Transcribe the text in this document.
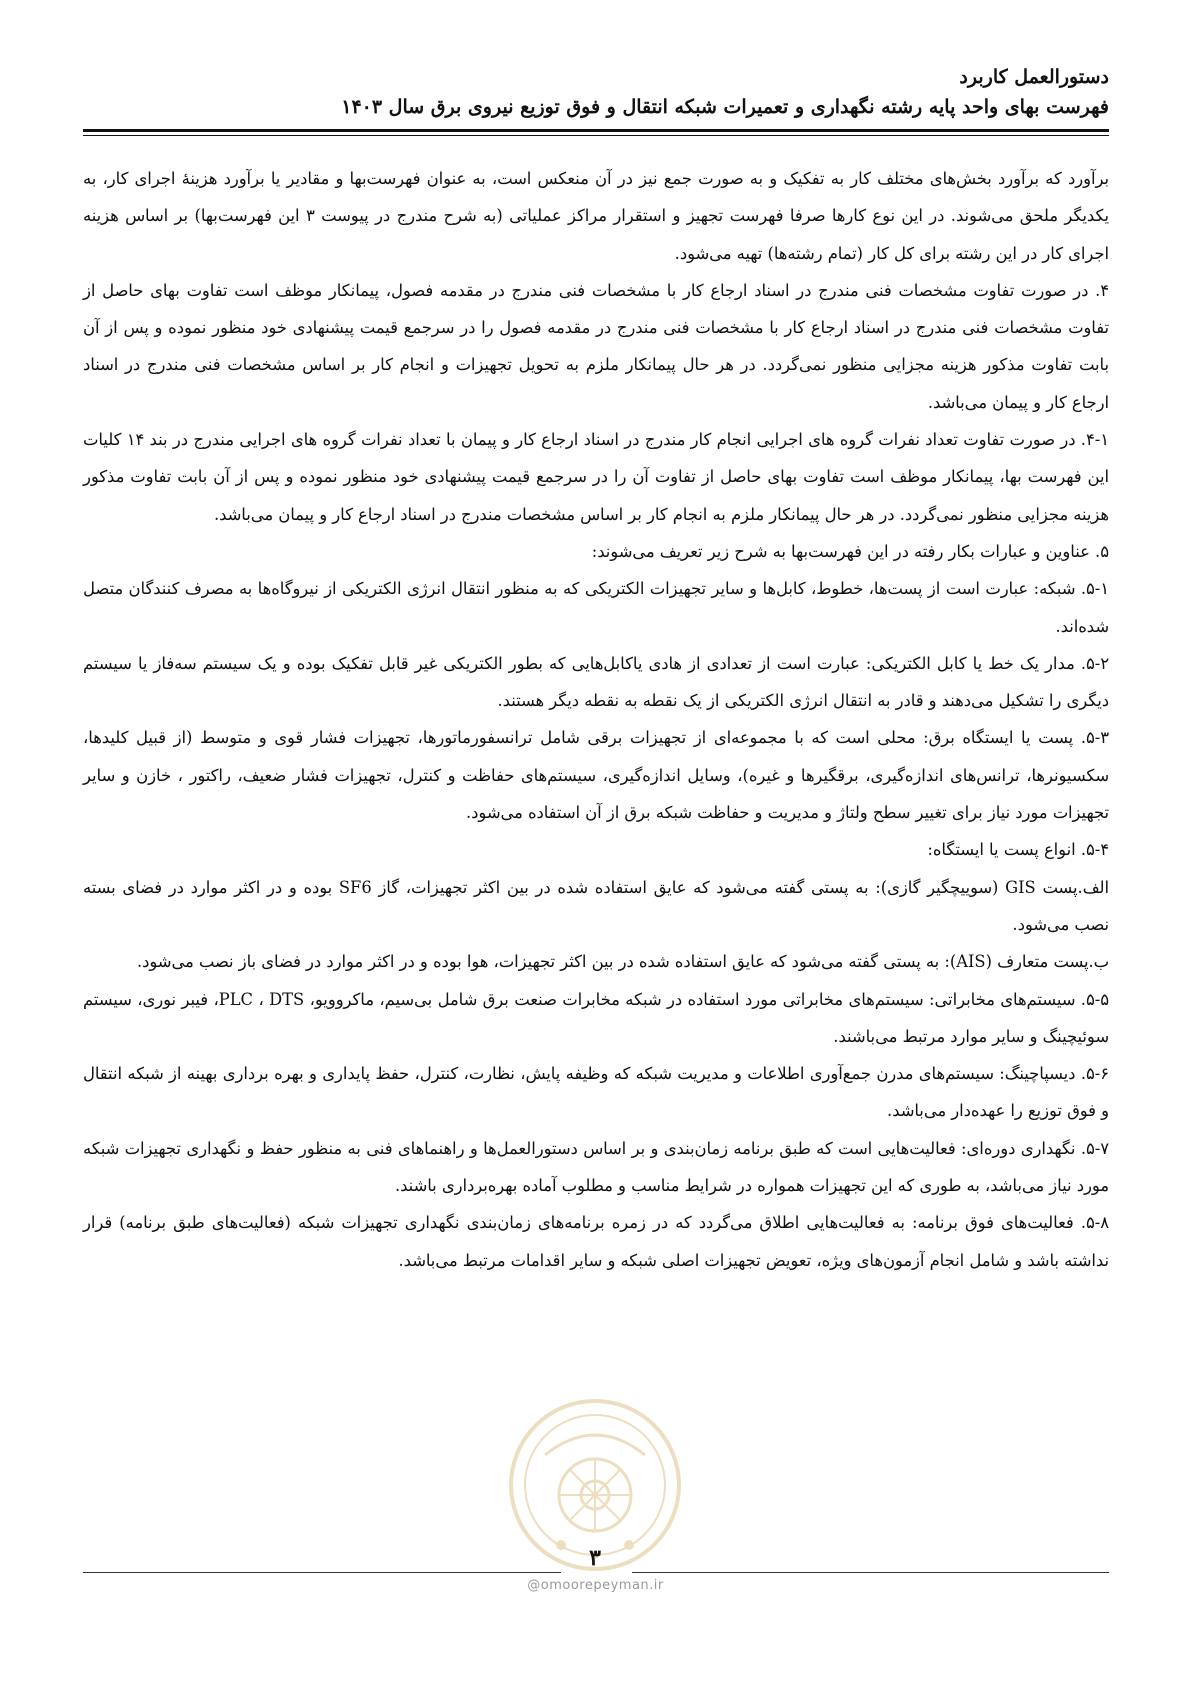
دستورالعمل کاربرد
فهرست بهای واحد پایه رشته نگهداری و تعمیرات شبکه انتقال و فوق توزیع نیروی برق سال ۱۴۰۳

برآورد که برآورد بخش‌های مختلف کار به تفکیک و به صورت جمع نیز در آن منعکس است، به عنوان فهرست‌بها و مقادیر یا برآورد هزینهٔ اجرای کار، به یکدیگر ملحق می‌شوند. در این نوع کارها صرفا فهرست تجهیز و استقرار مراکز عملیاتی (به شرح مندرج در پیوست ۳ این فهرست‌بها) بر اساس هزینه اجرای کار در این رشته برای کل کار (تمام رشته‌ها) تهیه می‌شود.

۴. در صورت تفاوت مشخصات فنی مندرج در اسناد ارجاع کار با مشخصات فنی مندرج در مقدمه فصول، پیمانکار موظف است تفاوت بهای حاصل از تفاوت مشخصات فنی مندرج در اسناد ارجاع کار با مشخصات فنی مندرج در مقدمه فصول را در سرجمع قیمت پیشنهادی خود منظور نموده و پس از آن بابت تفاوت مذکور هزینه مجزایی منظور نمی‌گردد. در هر حال پیمانکار ملزم به تحویل تجهیزات و انجام کار بر اساس مشخصات فنی مندرج در اسناد ارجاع کار و پیمان می‌باشد.

۴-۱. در صورت تفاوت تعداد نفرات گروه های اجرایی انجام کار مندرج در اسناد ارجاع کار و پیمان با تعداد نفرات گروه های اجرایی مندرج در بند ۱۴ کلیات این فهرست بها، پیمانکار موظف است تفاوت بهای حاصل از تفاوت آن را در سرجمع قیمت پیشنهادی خود منظور نموده و پس از آن بابت تفاوت مذکور هزینه مجزایی منظور نمی‌گردد. در هر حال پیمانکار ملزم به انجام کار بر اساس مشخصات مندرج در اسناد ارجاع کار و پیمان می‌باشد.

۵. عناوین و عبارات بکار رفته در این فهرست‌بها به شرح زیر تعریف می‌شوند:

۵-۱. شبکه: عبارت است از پست‌ها، خطوط، کابل‌ها و سایر تجهیزات الکتریکی که به منظور انتقال انرژی الکتریکی از نیروگاه‌ها به مصرف کنندگان متصل شده‌اند.

۵-۲. مدار یک خط یا کابل الکتریکی: عبارت است از تعدادی از هادی یاکابل‌هایی که بطور الکتریکی غیر قابل تفکیک بوده و یک سیستم سه‌فاز یا سیستم دیگری را تشکیل می‌دهند و قادر به انتقال انرژی الکتریکی از یک نقطه به نقطه دیگر هستند.

۵-۳. پست یا ایستگاه برق: محلی است که با مجموعه‌ای از تجهیزات برقی شامل ترانسفورماتورها، تجهیزات فشار قوی و متوسط (از قبیل کلیدها، سکسیونرها، ترانس‌های اندازه‌گیری، برقگیرها و غیره)، وسایل اندازه‌گیری، سیستم‌های حفاظت و کنترل، تجهیزات فشار ضعیف، راکتور ، خازن و سایر تجهیزات مورد نیاز برای تغییر سطح ولتاژ و مدیریت و حفاظت شبکه برق از آن استفاده می‌شود.

۵-۴. انواع پست یا ایستگاه:

الف.پست GIS (سوییچگیر گازی): به پستی گفته می‌شود که عایق استفاده شده در بین اکثر تجهیزات، گاز SF6 بوده و در اکثر موارد در فضای بسته نصب می‌شود.

ب.پست متعارف (AIS): به پستی گفته می‌شود که عایق استفاده شده در بین اکثر تجهیزات، هوا بوده و در اکثر موارد در فضای باز نصب می‌شود.

۵-۵. سیستم‌های مخابراتی: سیستم‌های مخابراتی مورد استفاده در شبکه مخابرات صنعت برق شامل بی‌سیم، ماکروویو، PLC ، DTS، فیبر نوری، سیستم سوئیچینگ و سایر موارد مرتبط می‌باشند.

۵-۶. دیسپاچینگ: سیستم‌های مدرن جمع‌آوری اطلاعات و مدیریت شبکه که وظیفه پایش، نظارت، کنترل، حفظ پایداری و بهره برداری بهینه از شبکه انتقال و فوق توزیع را عهده‌دار می‌باشد.

۵-۷. نگهداری دوره‌ای: فعالیت‌هایی است که طبق برنامه زمان‌بندی و بر اساس دستورالعمل‌ها و راهنماهای فنی به منظور حفظ و نگهداری تجهیزات شبکه مورد نیاز می‌باشد، به طوری که این تجهیزات همواره در شرایط مناسب و مطلوب آماده بهره‌برداری باشند.

۵-۸. فعالیت‌های فوق برنامه: به فعالیت‌هایی اطلاق می‌گردد که در زمره برنامه‌های زمان‌بندی نگهداری تجهیزات شبکه (فعالیت‌های طبق برنامه) قرار نداشته باشد و شامل انجام آزمون‌های ویژه، تعویض تجهیزات اصلی شبکه و سایر اقدامات مرتبط می‌باشد.

۳
@omoorepeyman.ir
